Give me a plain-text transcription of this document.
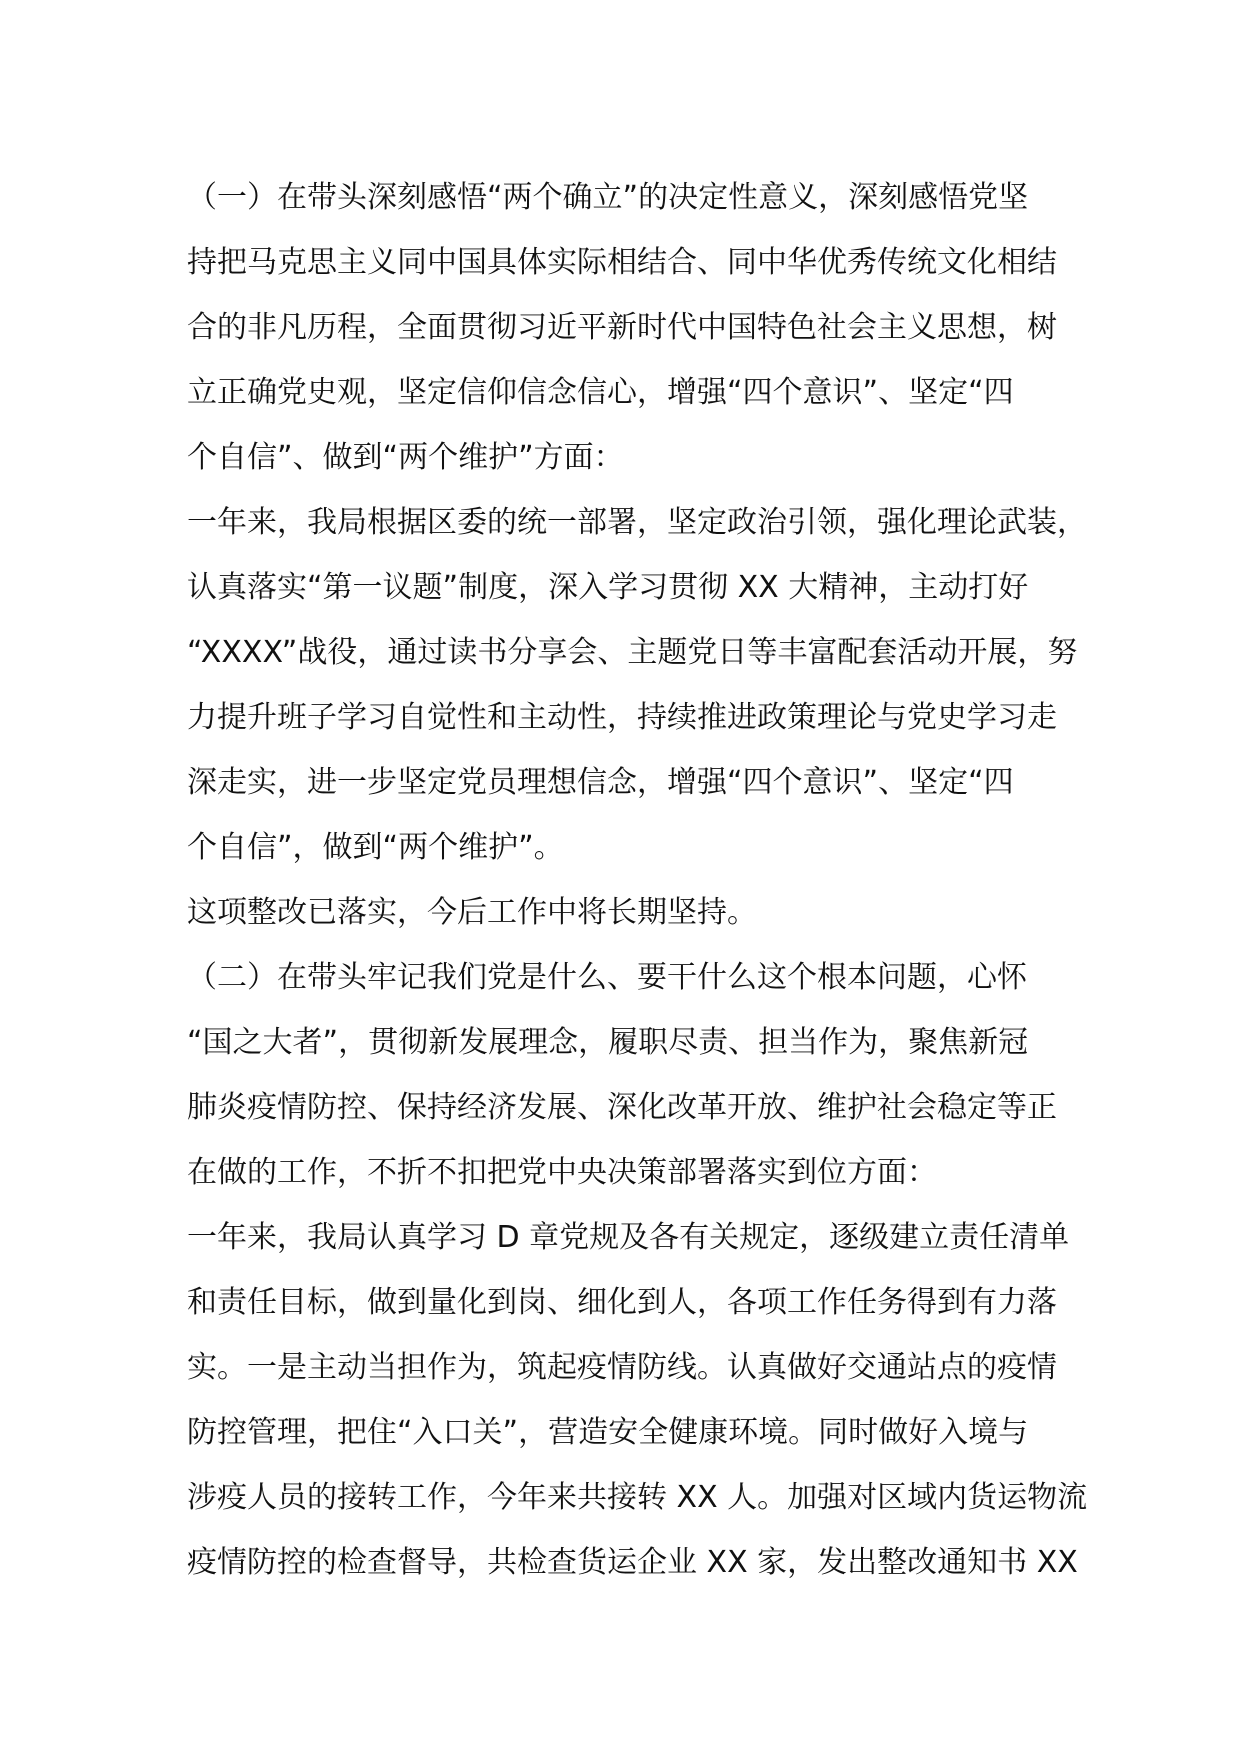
（一）在带头深刻感悟“两个确立”的决定性意义，深刻感悟党坚
持把马克思主义同中国具体实际相结合、同中华优秀传统文化相结
合的非凡历程，全面贯彻习近平新时代中国特色社会主义思想，树
立正确党史观，坚定信仰信念信心，增强“四个意识”、坚定“四
个自信”、做到“两个维护”方面：
一年来，我局根据区委的统一部署，坚定政治引领，强化理论武装，
认真落实“第一议题”制度，深入学习贯彻 XX 大精神，主动打好
“XXXX”战役，通过读书分享会、主题党日等丰富配套活动开展，努
力提升班子学习自觉性和主动性，持续推进政策理论与党史学习走
深走实，进一步坚定党员理想信念，增强“四个意识”、坚定“四
个自信”，做到“两个维护”。
这项整改已落实，今后工作中将长期坚持。
（二）在带头牢记我们党是什么、要干什么这个根本问题，心怀
“国之大者”，贯彻新发展理念，履职尽责、担当作为，聚焦新冠
肺炎疫情防控、保持经济发展、深化改革开放、维护社会稳定等正
在做的工作，不折不扣把党中央决策部署落实到位方面：
一年来，我局认真学习 D 章党规及各有关规定，逐级建立责任清单
和责任目标，做到量化到岗、细化到人，各项工作任务得到有力落
实。一是主动当担作为，筑起疫情防线。认真做好交通站点的疫情
防控管理，把住“入口关”，营造安全健康环境。同时做好入境与
涉疫人员的接转工作，今年来共接转 XX 人。加强对区域内货运物流
疫情防控的检查督导，共检查货运企业 XX 家，发出整改通知书 XX
